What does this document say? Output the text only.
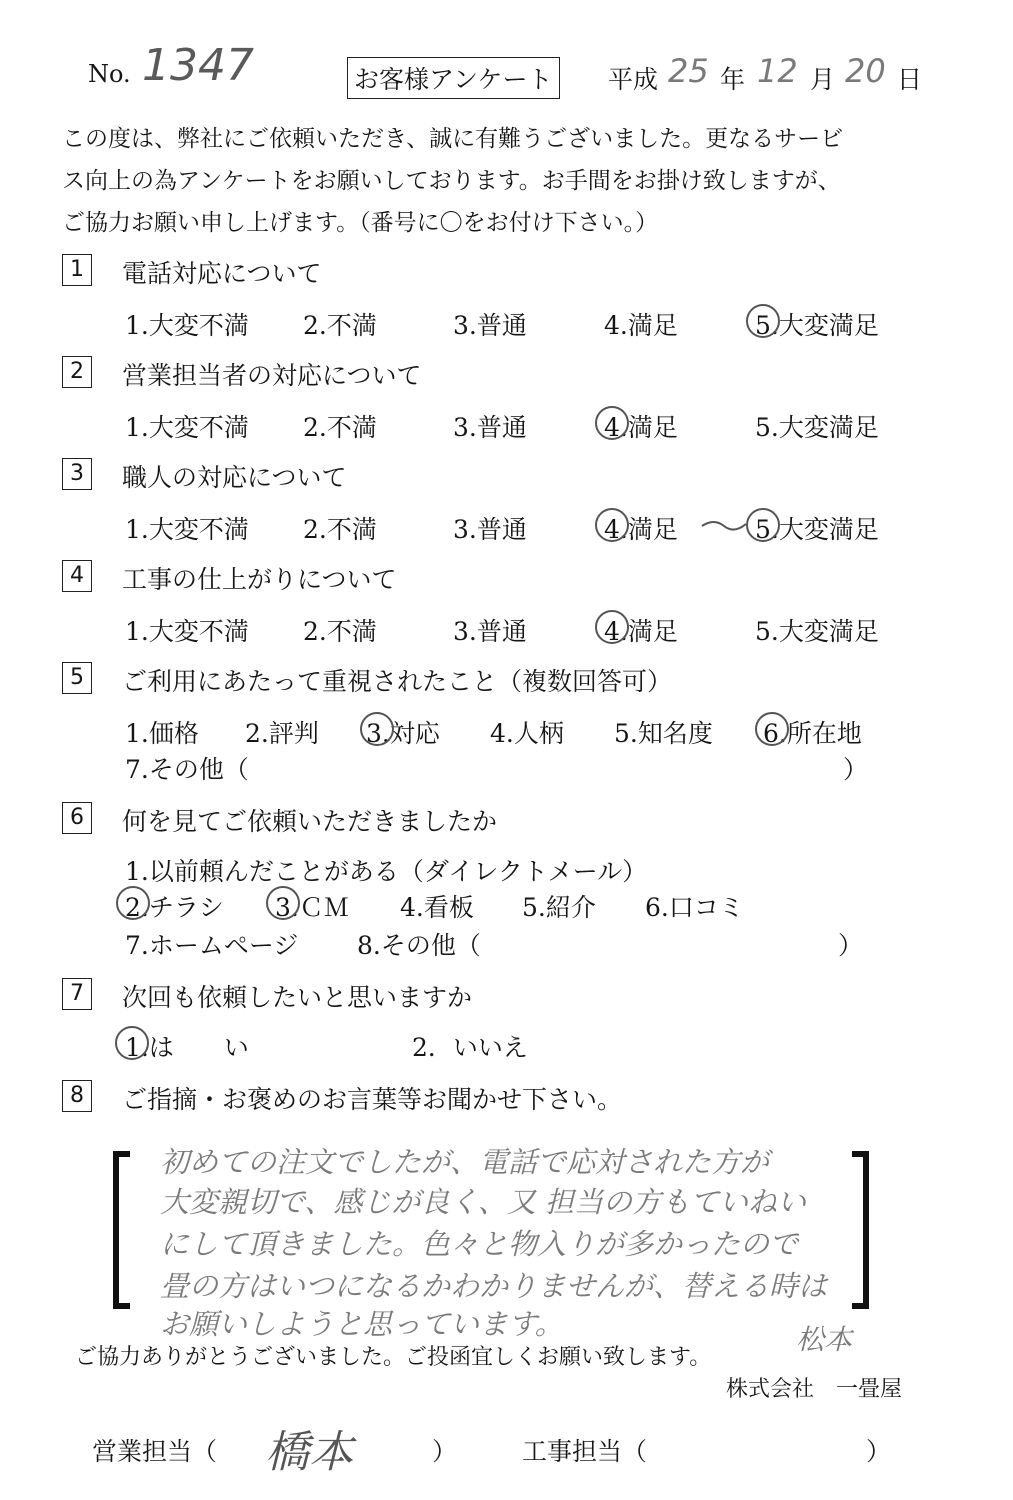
No. 1347	お客様アンケート 平成 25 年 12 月 20 日
この度は、弊社にご依頼いただき、誠に有難うございました。更なるサービ
ス向上の為アンケートをお願いしております。お手間をお掛け致しますが、
ご協力お願い申し上げます。（番号に〇をお付け下さい。）
1	電話対応について
1.大変不満 2.不満	3.普通	4.満足	5.大変満足
2	営業担当者の対応について
1.大変不満 2.不満	3.普通	4.満足	5.大変満足
3	職人の対応について
1.大変不満 2.不満	3.普通	4.満足	5.大変満足
4	工事の仕上がりについて
1.大変不満 2.不満	3.普通	4.満足	5.大変満足
5	ご利用にあたって重視されたこと（複数回答可）
1.価格 2.評判 3.対応 4.人柄 5.知名度 6.所在地
7.その他（	）
6	何を見てご依頼いただきましたか
1.以前頼んだことがある（ダイレクトメール）
2.チラシ 3.ＣＭ 4.看板 5.紹介 6.口コミ
7.ホームページ 8.その他（	）
7	次回も依頼したいと思いますか
1.は　　い	2．いいえ
8	ご指摘・お褒めのお言葉等お聞かせ下さい。
初めての注文でしたが、電話で応対された方が
大変親切で、感じが良く、又 担当の方もていねい
にして頂きました。色々と物入りが多かったので
畳の方はいつになるかわかりませんが、替える時は
お願いしようと思っています。	松本
ご協力ありがとうございました。ご投函宜しくお願い致します。
株式会社　一畳屋
営業担当（ 橋本	）	工事担当（	）
